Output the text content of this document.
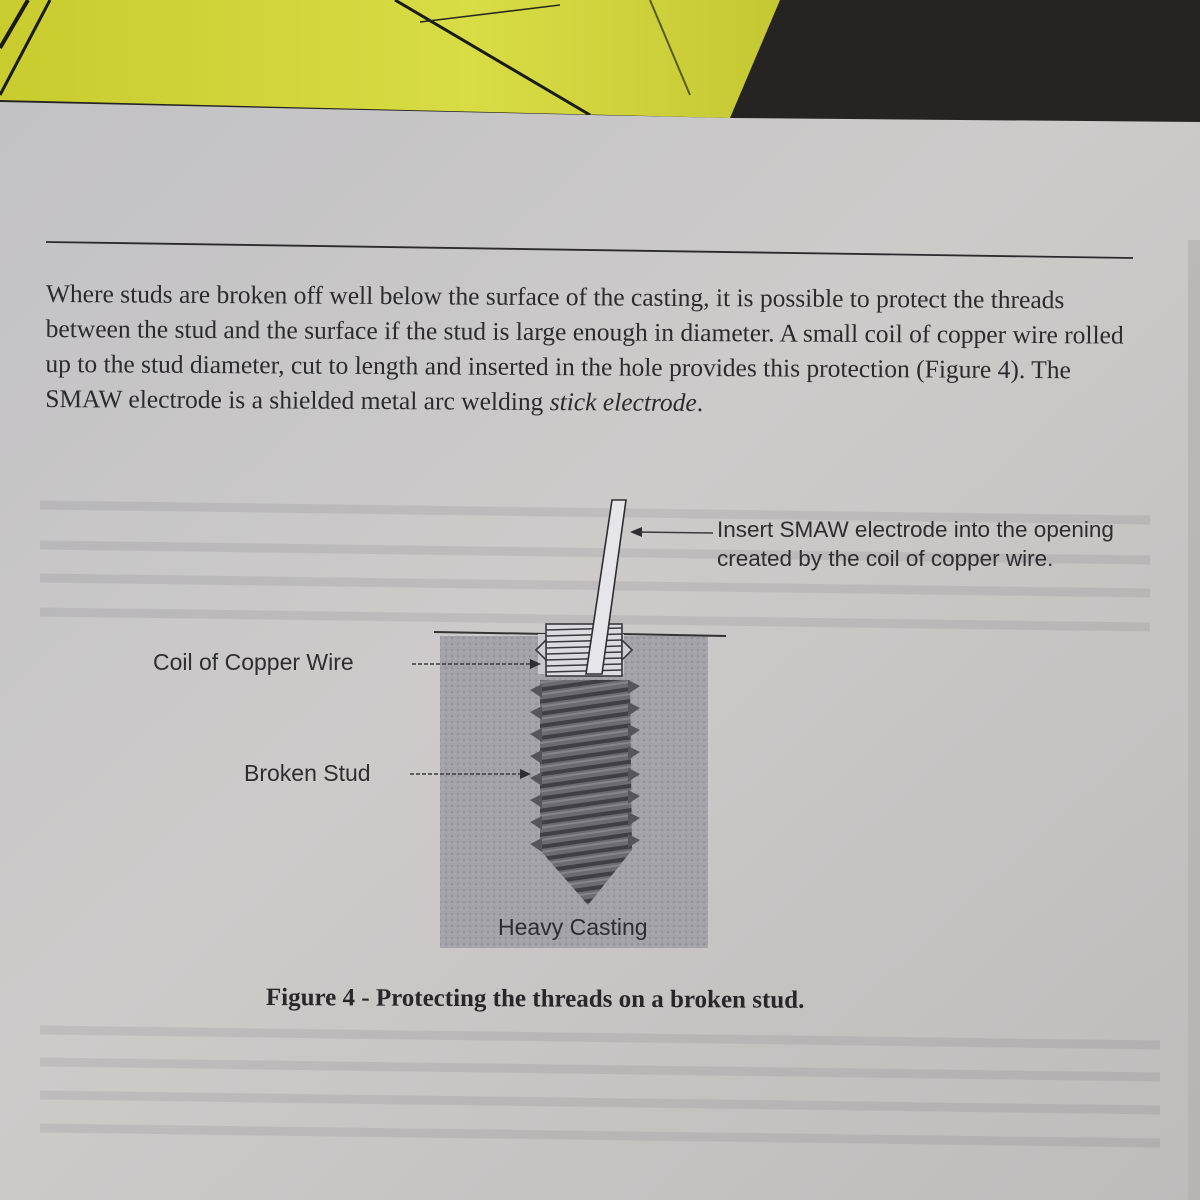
Where studs are broken off well below the surface of the casting, it is possible to protect the threads between the stud and the surface if the stud is large enough in diameter. A small coil of copper wire rolled up to the stud diameter, cut to length and inserted in the hole provides this protection (Figure 4). The SMAW electrode is a shielded metal arc welding stick electrode.
Insert SMAW electrode into the opening created by the coil of copper wire.
Coil of Copper Wire
Broken Stud
Heavy Casting
Figure 4 - Protecting the threads on a broken stud.
